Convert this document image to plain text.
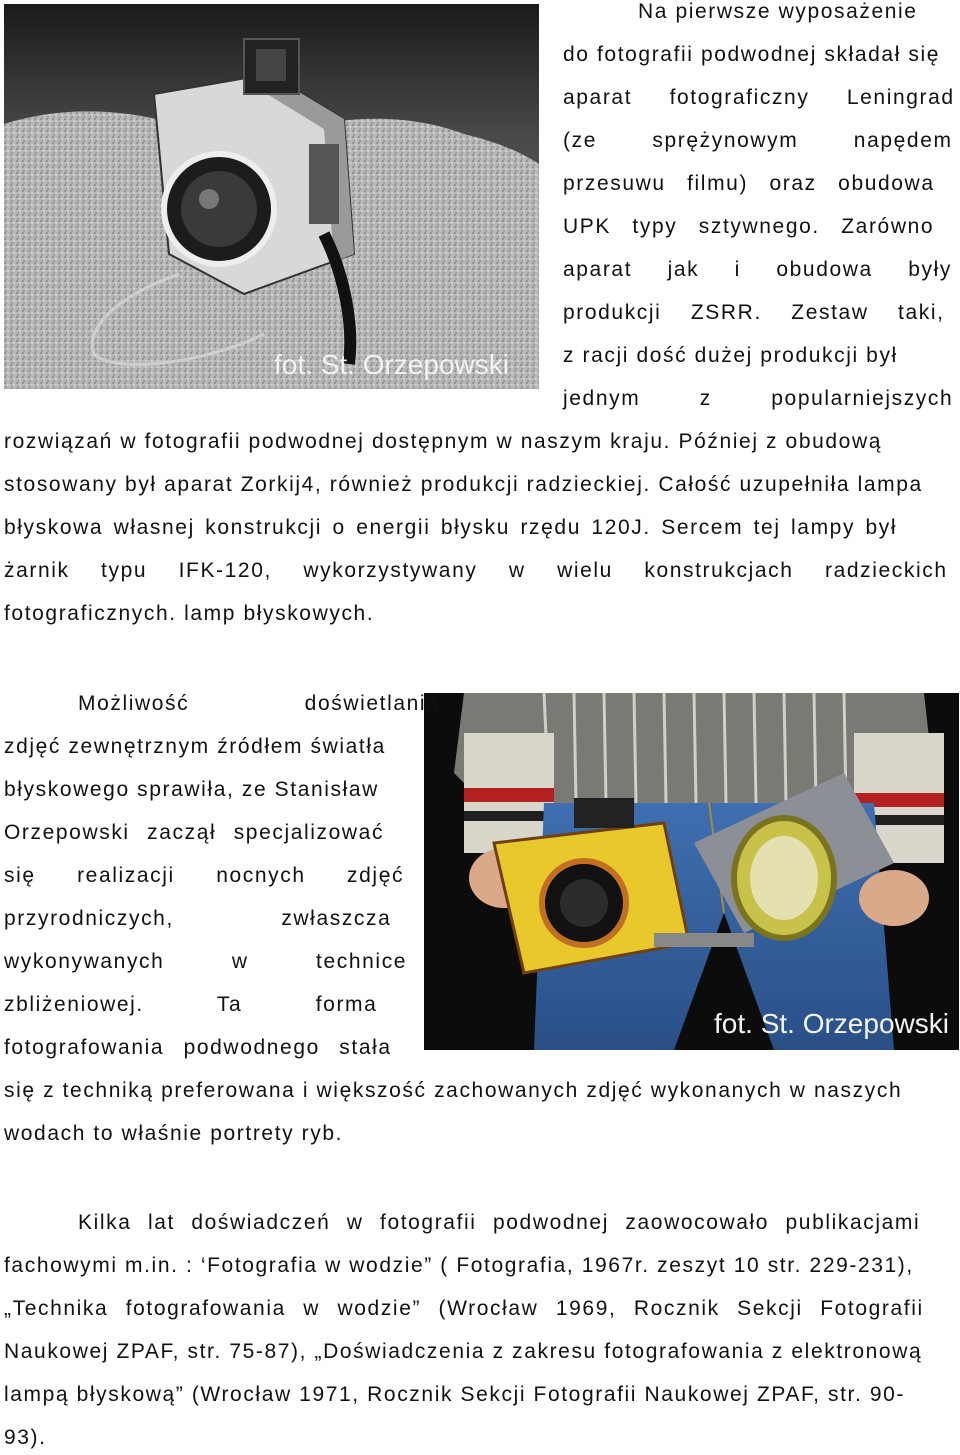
fot. St. Orzepowski
Na pierwsze wyposażenie
do fotografii podwodnej składał się
aparat fotograficzny Leningrad
(ze sprężynowym napędem
przesuwu filmu) oraz obudowa
UPK typy sztywnego. Zarówno
aparat jak i obudowa były
produkcji ZSRR. Zestaw taki,
z racji dość dużej produkcji był
jednym z popularniejszych
rozwiązań w fotografii podwodnej dostępnym w naszym kraju. Później z obudową
stosowany był aparat Zorkij4, również produkcji radzieckiej. Całość uzupełniła lampa
błyskowa własnej konstrukcji o energii błysku rzędu 120J. Sercem tej lampy był
żarnik typu IFK-120, wykorzystywany w wielu konstrukcjach radzieckich
fotograficznych. lamp błyskowych.
fot. St. Orzepowski
Możliwość doświetlania
zdjęć zewnętrznym źródłem światła
błyskowego sprawiła, ze Stanisław
Orzepowski zaczął specjalizować
się realizacji nocnych zdjęć
przyrodniczych, zwłaszcza
wykonywanych w technice
zbliżeniowej. Ta forma
fotografowania podwodnego stała
się z techniką preferowana i większość zachowanych zdjęć wykonanych w naszych
wodach to właśnie portrety ryb.
Kilka lat doświadczeń w fotografii podwodnej zaowocowało publikacjami
fachowymi m.in. : ‘Fotografia w wodzie” ( Fotografia, 1967r. zeszyt 10 str. 229-231),
„Technika fotografowania w wodzie” (Wrocław 1969, Rocznik Sekcji Fotografii
Naukowej ZPAF, str. 75-87), „Doświadczenia z zakresu fotografowania z elektronową
lampą błyskową” (Wrocław 1971, Rocznik Sekcji Fotografii Naukowej ZPAF, str. 90-
93).
